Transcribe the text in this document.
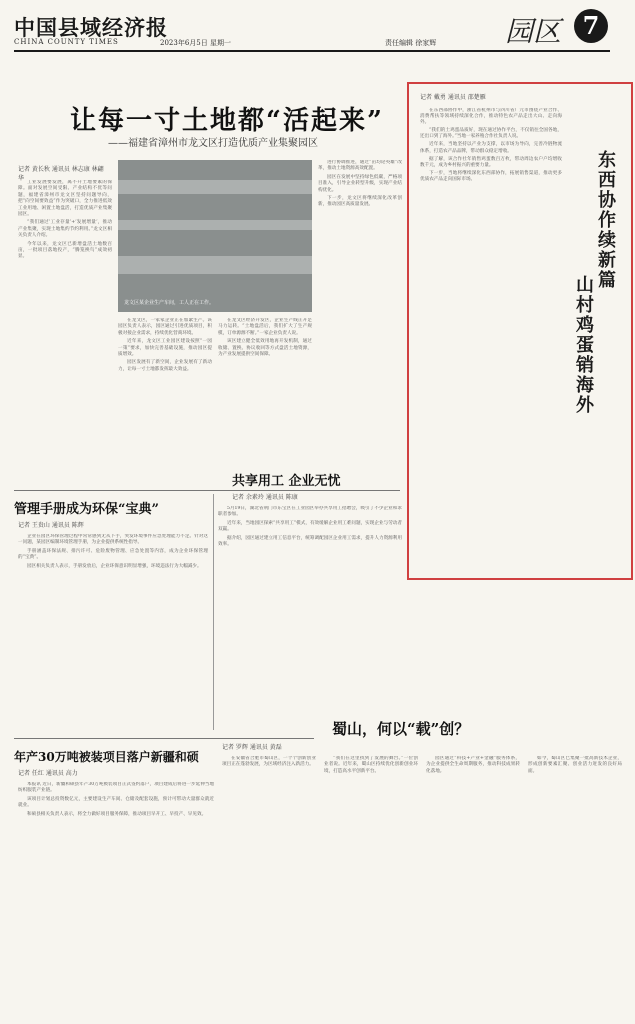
中国县域经济报
CHINA COUNTY TIMES	2023年6月5日 星期一	责任编辑 徐家辉 园区 7
让每一寸土地都“活起来”
——福建省漳州市龙文区打造优质产业集聚园区
记者 黄长秋 通讯员 林志康 林翩华

工业发展要发展，离不开土地要素的保障。面对发展空间受限、产业结构不优等问题，福建省漳州市龙文区坚持问题导向，把“向空间要效益”作为突破口，全力推进低效工业用地、闲置土地盘活，打造优质产业集聚园区。

“我们通过‘工业存量’+‘发展增量’，推动产业集聚，实现土地集约节约利用。”龙文区相关负责人介绍。

今年以来，龙文区已新增盘活土地数百亩，一批项目落地投产，“腾笼换鸟”成效初显。

龙文区某企业生产车间，工人正在工作。

在龙文区，一家家企业正在加紧生产。该园区负责人表示，园区通过引进优质项目，积极对接企业需求，持续优化营商环境。

近年来，龙文区工业园区建设按照“一园一策”要求，加快完善基础设施，推动园区提质增效。

园区发展有了新空间，企业发展有了新动力，让每一寸土地都发挥最大效益。

在龙文区经济开发区，企业生产线正开足马力运转。“土地盘活后，我们扩大了生产规模，订单源源不断。”一家企业负责人说。

该区建立健全低效用地再开发机制，通过收储、置换、协议收回等方式盘活土地资源，为产业发展提供空间保障。

进行协调推进，通过“亩均论英雄”改革，推动土地资源高效配置。

园区在发展中坚持绿色低碳，严格项目准入，引导企业转型升级，实现产业结构优化。

下一步，龙文区将继续深化改革创新，推动园区高质量发展。

管理手册成为环保“宝典”
记者 王贵山 通讯员 陈辉

企业在园区环保管理过程中常常感到无从下手，突发环境事件应急处理能力不足。针对这一问题，某园区编制环境管理手册，为企业提供系统性指导。

手册涵盖环保法规、排污许可、危险废物管理、应急处置等内容，成为企业环保管理的“宝典”。

园区相关负责人表示，手册发放后，企业环保意识明显增强，环境违法行为大幅减少。

共享用工 企业无忧
记者 余素玲 通讯员 陈康

5月19日，湖北省荆门市东宝区在工业园区举办共享用工招聘会，吸引了不少企业和求职者参加。

近年来，当地园区探索“共享用工”模式，有效缓解企业用工难问题，实现企业与劳动者双赢。

据介绍，园区通过建立用工信息平台，统筹调配园区企业用工需求，提升人力资源利用效率。

记者 戴勇 通讯员 邵楚雁
东西协作续新篇
山村鸡蛋销海外

在东西部协作中，浙江省杭州市与四川省广元市围绕产业合作、消费帮扶等领域持续深化合作，推动特色农产品走出大山、走向海外。

“我们的土鸡蛋品质好，现在通过协作平台，不仅销往全国各地，还出口到了海外。”当地一家养殖合作社负责人说。

近年来，当地坚持以产业为支撑，以市场为导向，完善冷链物流体系，打造农产品品牌，带动群众稳定增收。

据了解，该合作社年销售鸡蛋数百万枚，带动周边农户户均增收数千元，成为乡村振兴的重要力量。

下一步，当地将继续深化东西部协作，拓展销售渠道，推动更多优质农产品走向国际市场。

年产30万吨被装项目落户新疆和硕
记者 任红 通讯员 高力

本报讯 近日，新疆和硕县年产30万吨被装项目正式签约落户，项目建成后将进一步延伸当地纺织服装产业链。

该项目计划总投资数亿元，主要建设生产车间、仓储及配套设施，预计可带动大量群众就近就业。

和硕县相关负责人表示，将全力做好项目服务保障，推动项目早开工、早投产、早见效。

蜀山，何以“载”创？
记者 罗辉 通讯员 黄磊

在安徽省合肥市蜀山区，一个个创新创业项目正在蓬勃发展，为区域经济注入新活力。

“我们在这里找到了发展的舞台。”一位创业者说。近年来，蜀山区持续优化创新创业环境，打造高水平创新平台。

园区通过“科技+产业+金融”服务体系，为企业提供全生命周期服务，推动科技成果转化落地。

如今，蜀山区已集聚一批高新技术企业，形成创新要素汇聚、创业活力迸发的良好局面。
